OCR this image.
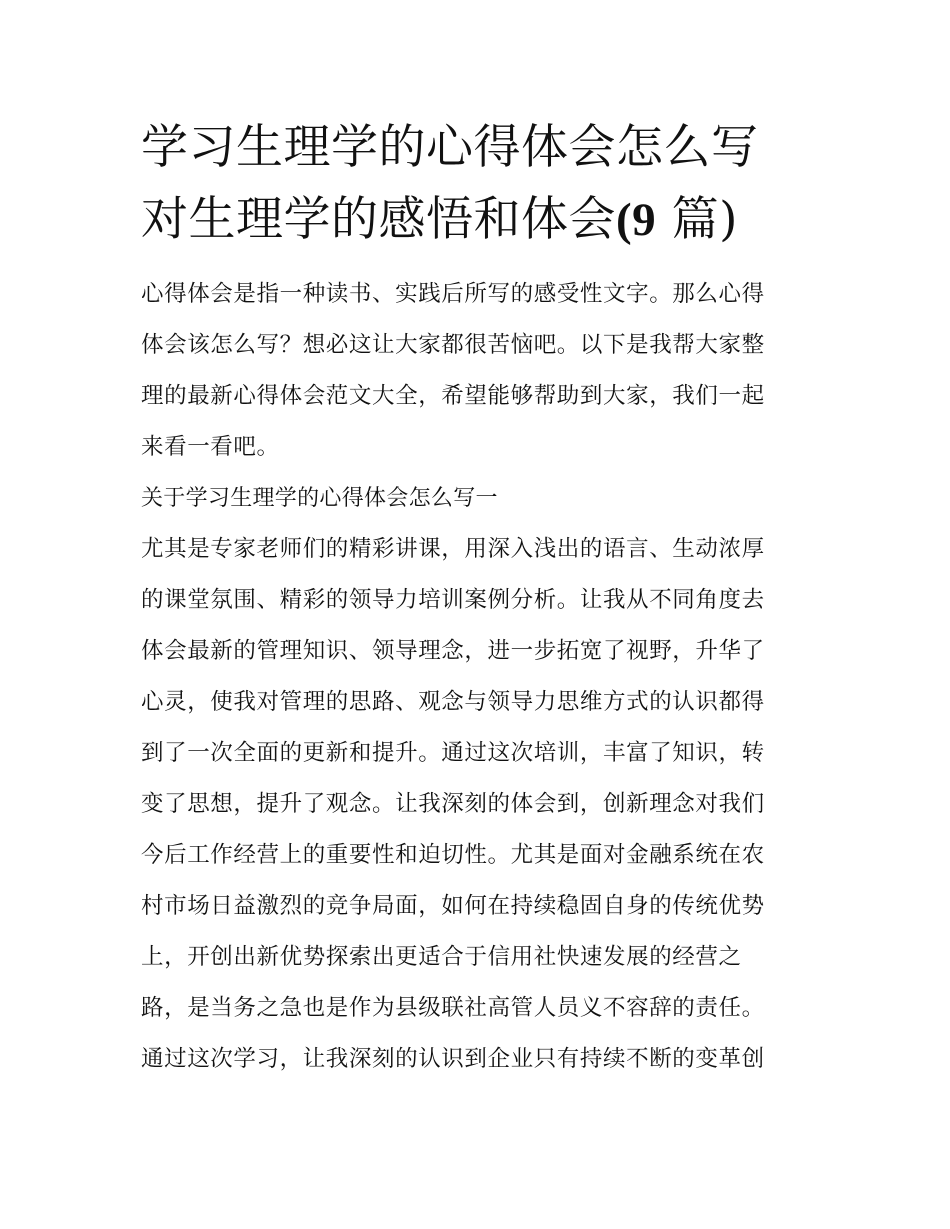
学习生理学的心得体会怎么写
对生理学的感悟和体会(9 篇)

心得体会是指一种读书、实践后所写的感受性文字。那么心得
体会该怎么写？想必这让大家都很苦恼吧。以下是我帮大家整
理的最新心得体会范文大全，希望能够帮助到大家，我们一起
来看一看吧。

关于学习生理学的心得体会怎么写一

尤其是专家老师们的精彩讲课，用深入浅出的语言、生动浓厚
的课堂氛围、精彩的领导力培训案例分析。让我从不同角度去
体会最新的管理知识、领导理念，进一步拓宽了视野，升华了
心灵，使我对管理的思路、观念与领导力思维方式的认识都得
到了一次全面的更新和提升。通过这次培训，丰富了知识，转
变了思想，提升了观念。让我深刻的体会到，创新理念对我们
今后工作经营上的重要性和迫切性。尤其是面对金融系统在农
村市场日益激烈的竞争局面，如何在持续稳固自身的传统优势
上，开创出新优势探索出更适合于信用社快速发展的经营之
路，是当务之急也是作为县级联社高管人员义不容辞的责任。
通过这次学习，让我深刻的认识到企业只有持续不断的变革创
